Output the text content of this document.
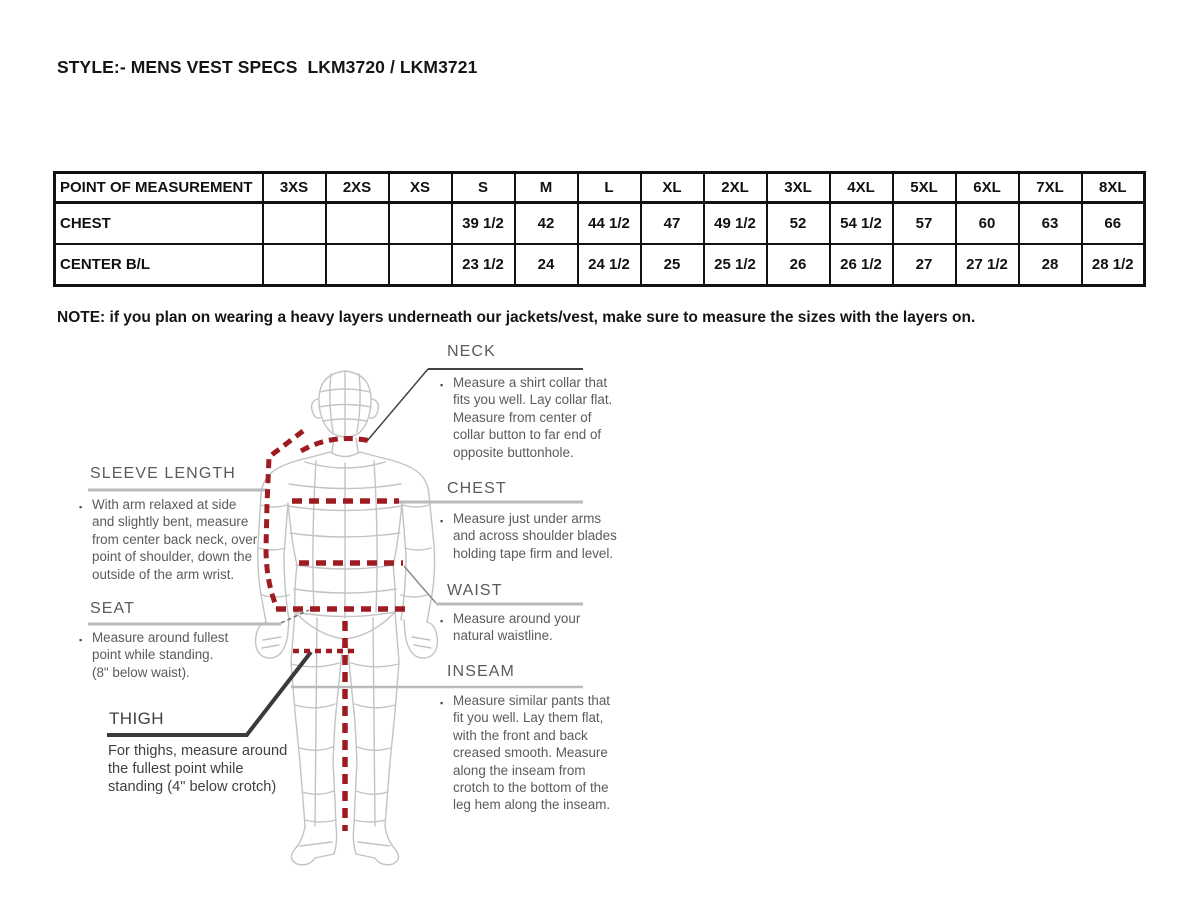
STYLE:- MENS VEST SPECS  LKM3720 / LKM3721
POINT OF MEASUREMENT	3XS	2XS	XS	S	M	L	XL	2XL	3XL	4XL	5XL	6XL	7XL	8XL
CHEST				39 1/2	42	44 1/2	47	49 1/2	52	54 1/2	57	60	63	66
CENTER B/L				23 1/2	24	24 1/2	25	25 1/2	26	26 1/2	27	27 1/2	28	28 1/2
NOTE: if you plan on wearing a heavy layers underneath our jackets/vest, make sure to measure the sizes with the layers on.
NECK
▪ Measure a shirt collar that
fits you well. Lay collar flat.
Measure from center of
collar button to far end of
opposite buttonhole.
CHEST
▪ Measure just under arms
and across shoulder blades
holding tape firm and level.
WAIST
▪ Measure around your
natural waistline.
INSEAM
▪ Measure similar pants that
fit you well. Lay them flat,
with the front and back
creased smooth. Measure
along the inseam from
crotch to the bottom of the
leg hem along the inseam.
SLEEVE LENGTH
▪ With arm relaxed at side
and slightly bent, measure
from center back neck, over
point of shoulder, down the
outside of the arm wrist.
SEAT
▪ Measure around fullest
point while standing.
(8" below waist).
THIGH
For thighs, measure around
the fullest point while
standing (4" below crotch)
